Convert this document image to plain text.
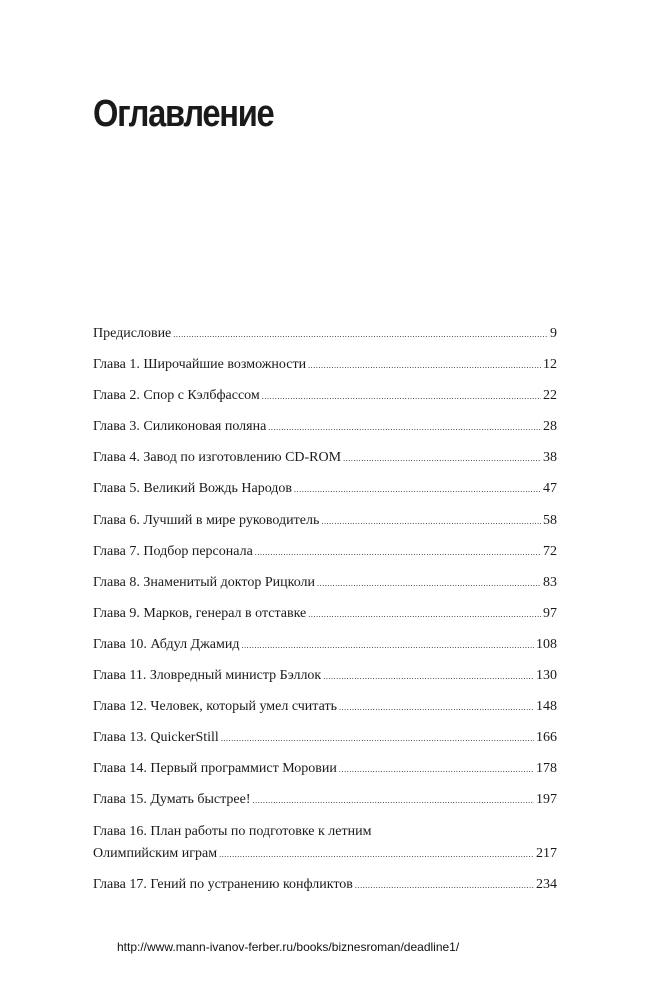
Оглавление
Предисловие .....	9
Глава 1. Широчайшие возможности .....	12
Глава 2. Спор с Кэлбфассом .....	22
Глава 3. Силиконовая поляна .....	28
Глава 4. Завод по изготовлению CD-ROM .....	38
Глава 5. Великий Вождь Народов .....	47
Глава 6. Лучший в мире руководитель .....	58
Глава 7. Подбор персонала .....	72
Глава 8. Знаменитый доктор Рицколи .....	83
Глава 9. Марков, генерал в отставке .....	97
Глава 10. Абдул Джамид .....	108
Глава 11. Зловредный министр Бэллок .....	130
Глава 12. Человек, который умел считать .....	148
Глава 13. QuickerStill .....	166
Глава 14. Первый программист Моровии .....	178
Глава 15. Думать быстрее! .....	197
Глава 16. План работы по подготовке к летним
Олимпийским играм .....	217
Глава 17. Гений по устранению конфликтов .....	234

http://www.mann-ivanov-ferber.ru/books/biznesroman/deadline1/
